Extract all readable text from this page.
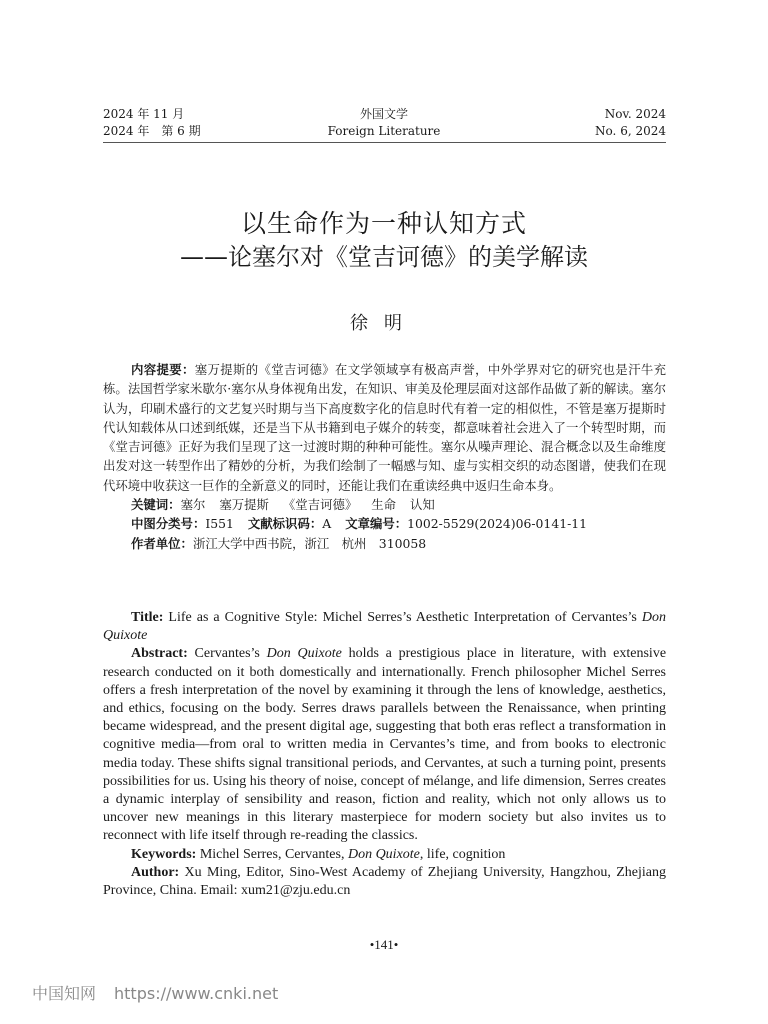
2024 年 11 月
2024 年　第 6 期
外国文学
Foreign Literature
Nov. 2024
No. 6, 2024
以生命作为一种认知方式
——论塞尔对《堂吉诃德》的美学解读
徐明

内容提要：塞万提斯的《堂吉诃德》在文学领域享有极高声誉，中外学界对它的研究也是汗牛充栋。法国哲学家米歇尔·塞尔从身体视角出发，在知识、审美及伦理层面对这部作品做了新的解读。塞尔认为，印刷术盛行的文艺复兴时期与当下高度数字化的信息时代有着一定的相似性，不管是塞万提斯时代认知载体从口述到纸媒，还是当下从书籍到电子媒介的转变，都意味着社会进入了一个转型时期，而《堂吉诃德》正好为我们呈现了这一过渡时期的种种可能性。塞尔从噪声理论、混合概念以及生命维度出发对这一转型作出了精妙的分析，为我们绘制了一幅感与知、虚与实相交织的动态图谱，使我们在现代环境中收获这一巨作的全新意义的同时，还能让我们在重读经典中返归生命本身。

关键词：塞尔 塞万提斯 《堂吉诃德》 生命 认知

中图分类号：I551 文献标识码：A 文章编号：1002-5529(2024)06-0141-11

作者单位：浙江大学中西书院，浙江　杭州　310058

Title: Life as a Cognitive Style: Michel Serres’s Aesthetic Interpretation of Cervantes’s Don Quixote

Abstract: Cervantes’s Don Quixote holds a prestigious place in literature, with extensive research conducted on it both domestically and internationally. French philosopher Michel Serres offers a fresh interpretation of the novel by examining it through the lens of knowledge, aesthetics, and ethics, focusing on the body. Serres draws parallels between the Renaissance, when printing became widespread, and the present digital age, suggesting that both eras reflect a transformation in cognitive media—from oral to written media in Cervantes’s time, and from books to electronic media today. These shifts signal transitional periods, and Cervantes, at such a turning point, presents possibilities for us. Using his theory of noise, concept of mélange, and life dimension, Serres creates a dynamic interplay of sensibility and reason, fiction and reality, which not only allows us to uncover new meanings in this literary masterpiece for modern society but also invites us to reconnect with life itself through re-reading the classics.

Keywords: Michel Serres, Cervantes, Don Quixote, life, cognition

Author: Xu Ming, Editor, Sino-West Academy of Zhejiang University, Hangzhou, Zhejiang Province, China. Email: xum21@zju.edu.cn

•141•
中国知网 https://www.cnki.net
